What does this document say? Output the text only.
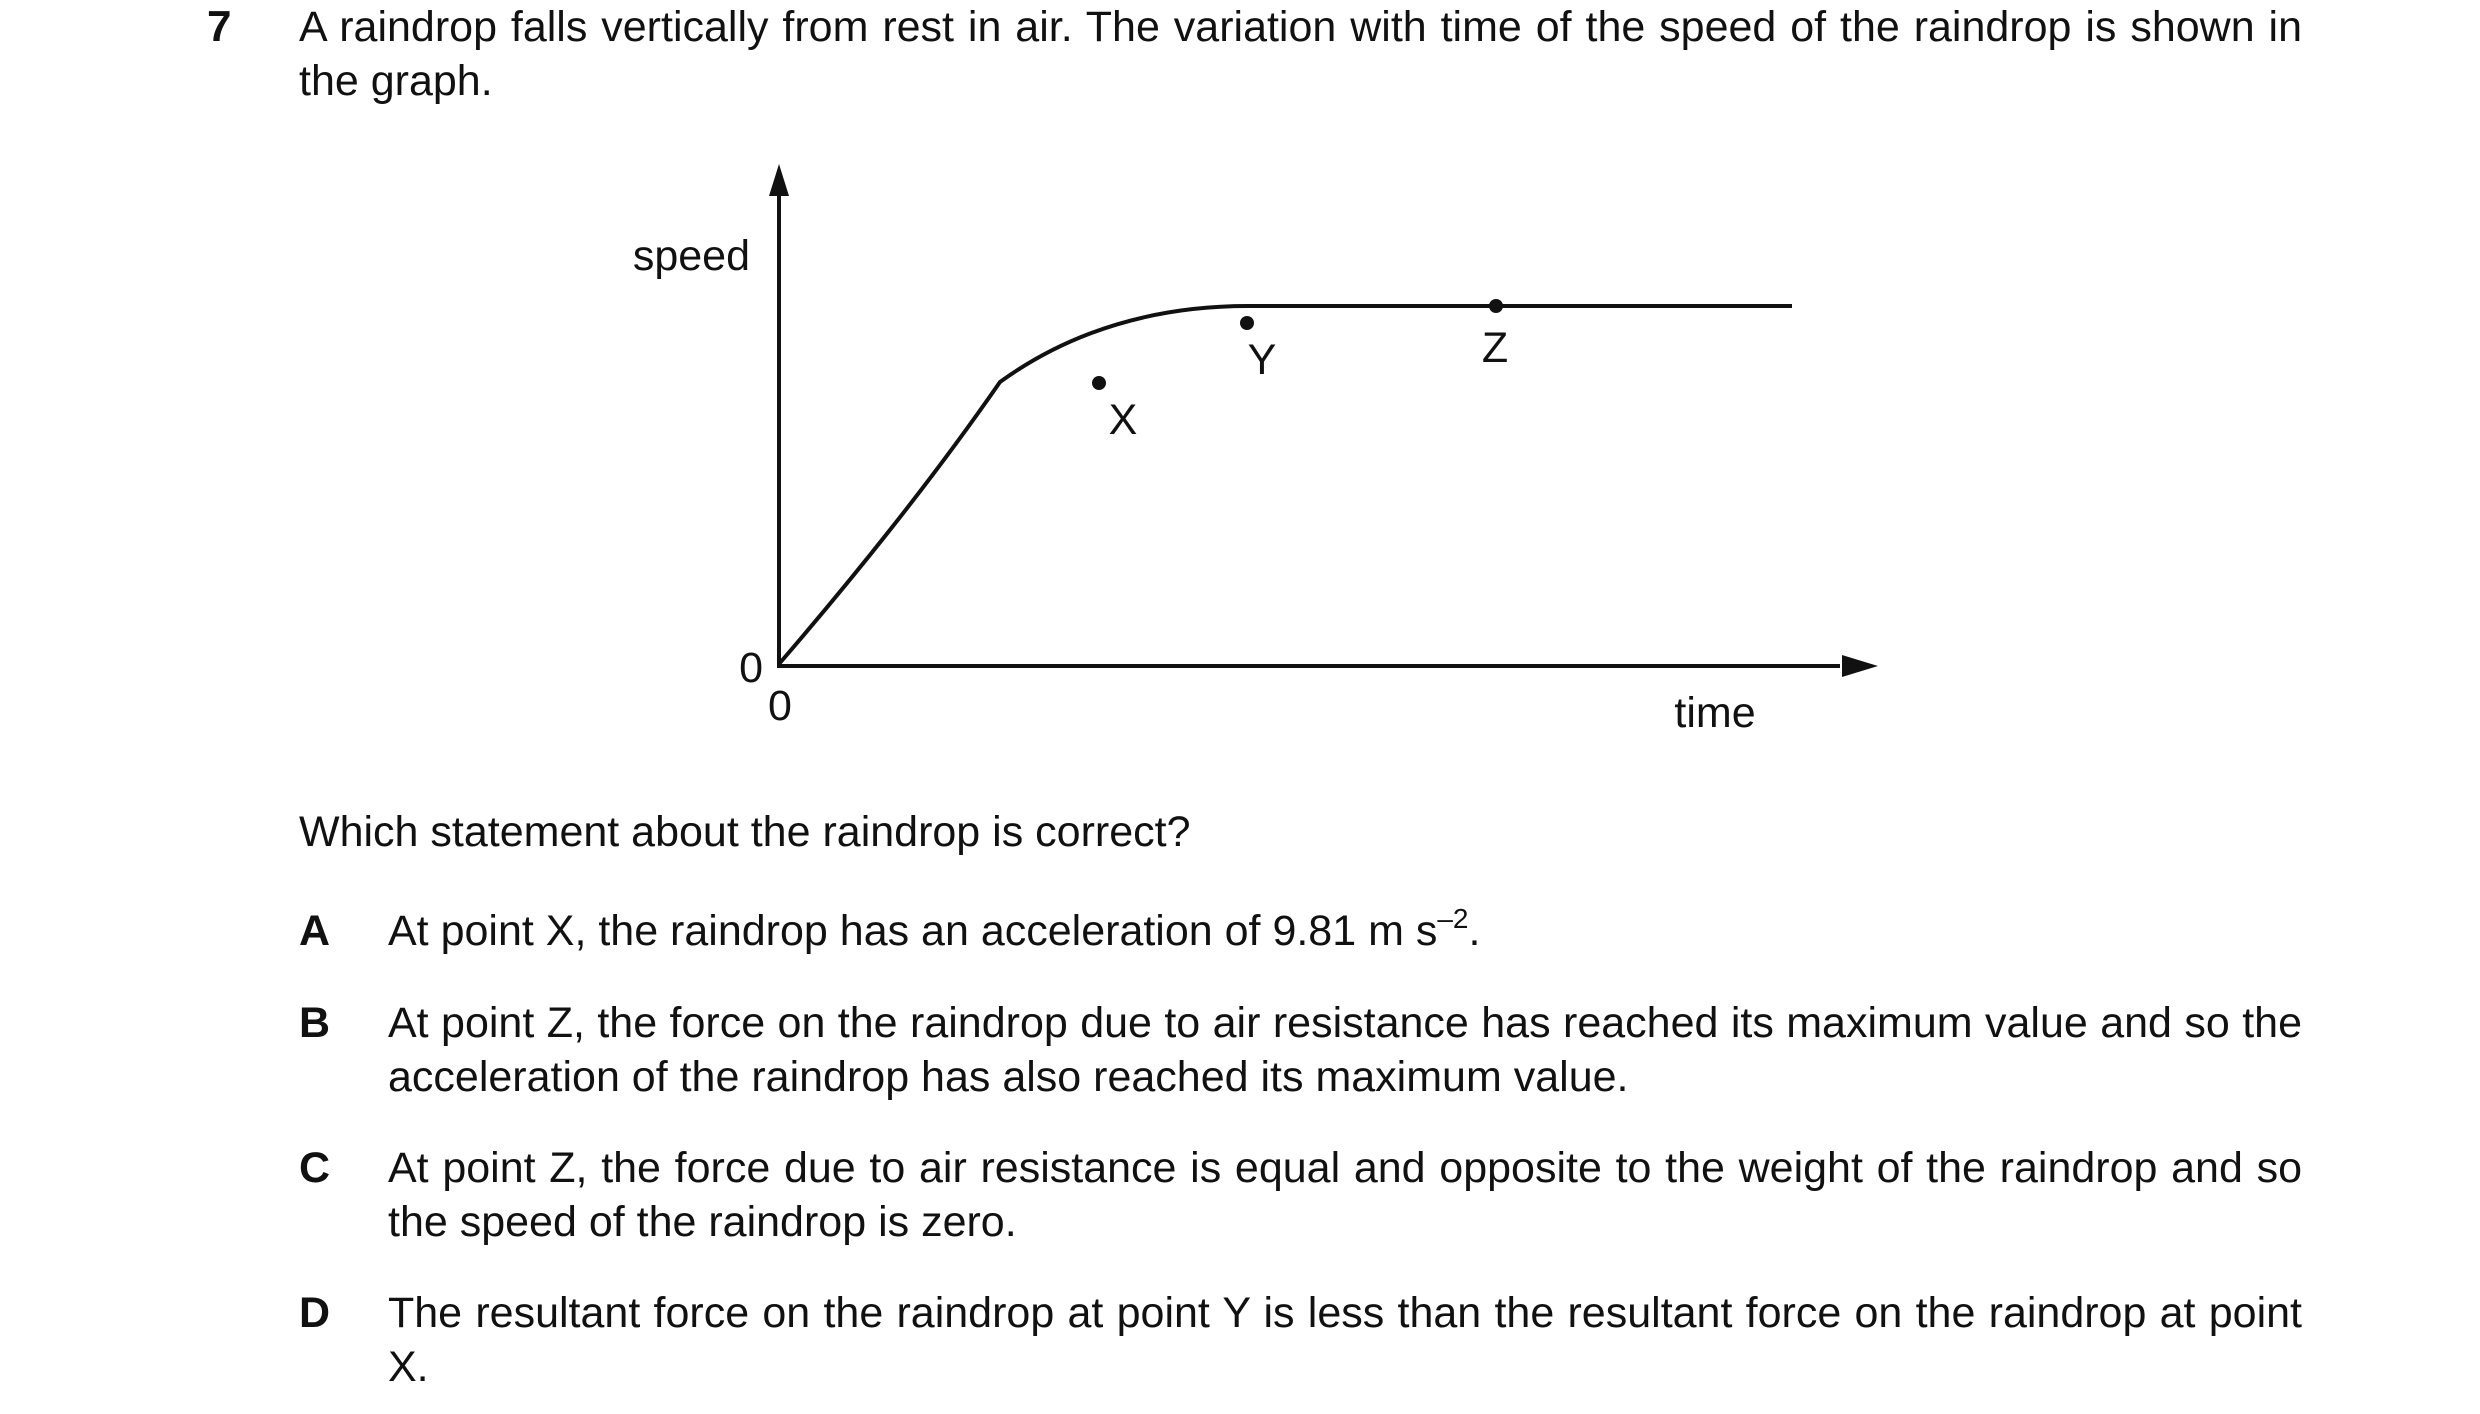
7 A raindrop falls vertically from rest in air. The variation with time of the speed of the raindrop is shown in the graph.

speed
time
0
0
X
Y	Z

Which statement about the raindrop is correct?

A At point X, the raindrop has an acceleration of 9.81 m $s^{-2}$.

B At point Z, the force on the raindrop due to air resistance has reached its maximum value and so the acceleration of the raindrop has also reached its maximum value.

C At point Z, the force due to air resistance is equal and opposite to the weight of the raindrop and so the speed of the raindrop is zero.

D The resultant force on the raindrop at point Y is less than the resultant force on the raindrop at point X.
